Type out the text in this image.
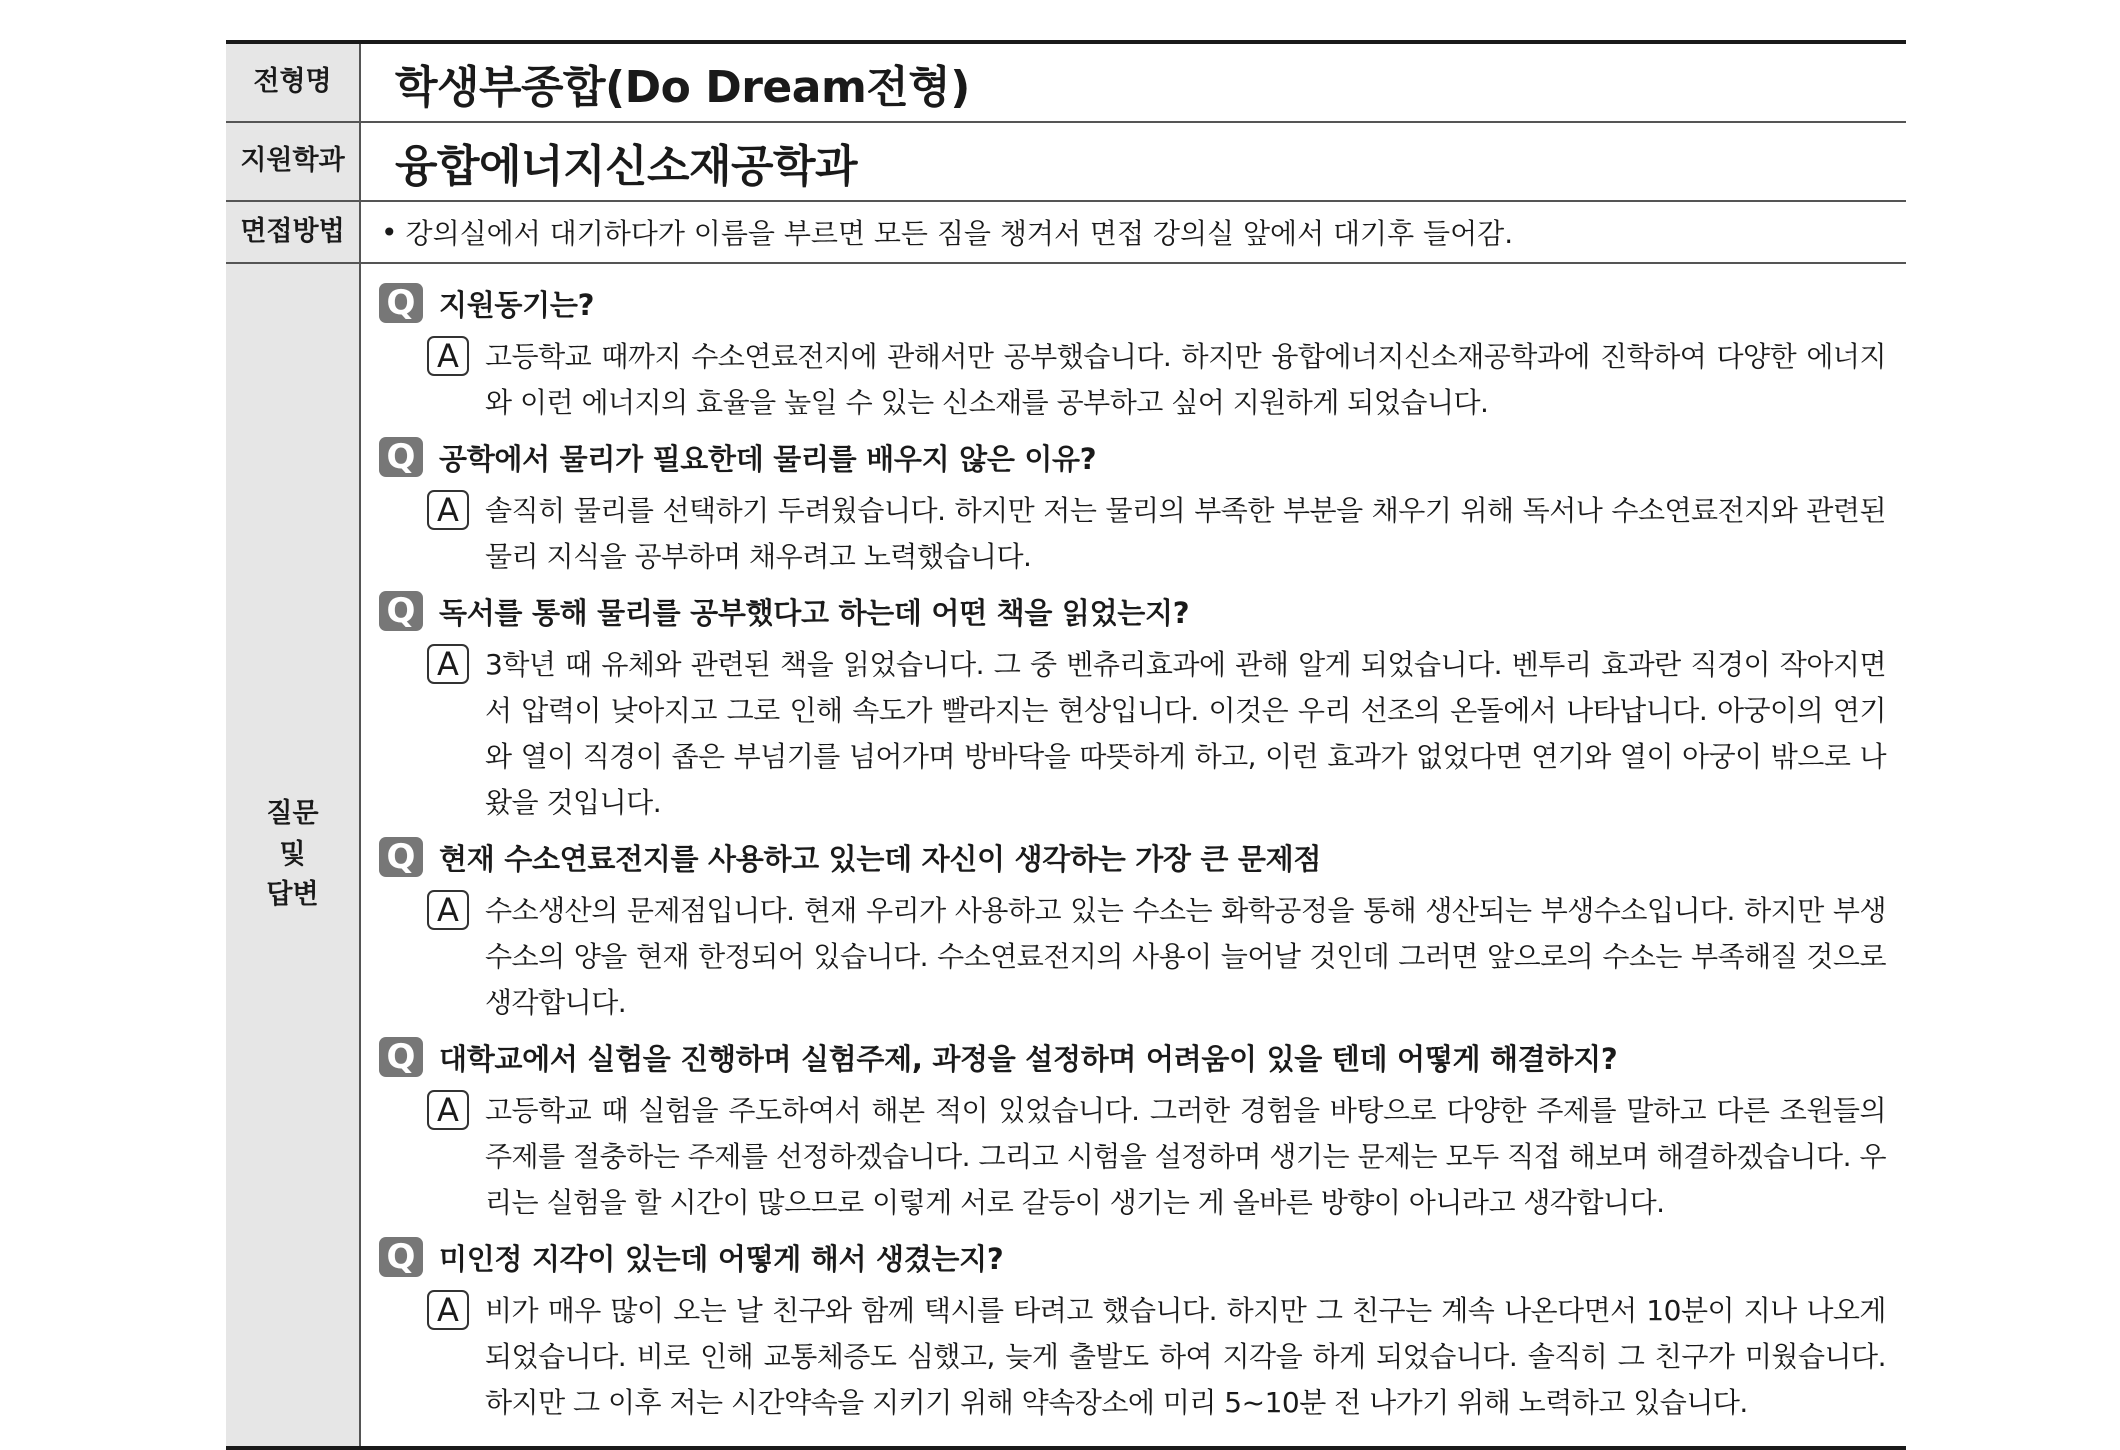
전형명	학생부종합(Do Dream전형)
지원학과	융합에너지신소재공학과
면접방법	• 강의실에서 대기하다가 이름을 부르면 모든 짐을 챙겨서 면접 강의실 앞에서 대기후 들어감.
질문
및
답변
Q 지원동기는?
A 고등학교 때까지 수소연료전지에 관해서만 공부했습니다. 하지만 융합에너지신소재공학과에 진학하여 다양한 에너지와 이런 에너지의 효율을 높일 수 있는 신소재를 공부하고 싶어 지원하게 되었습니다.
Q 공학에서 물리가 필요한데 물리를 배우지 않은 이유?
A 솔직히 물리를 선택하기 두려웠습니다. 하지만 저는 물리의 부족한 부분을 채우기 위해 독서나 수소연료전지와 관련된 물리 지식을 공부하며 채우려고 노력했습니다.
Q 독서를 통해 물리를 공부했다고 하는데 어떤 책을 읽었는지?
A 3학년 때 유체와 관련된 책을 읽었습니다. 그 중 벤츄리효과에 관해 알게 되었습니다. 벤투리 효과란 직경이 작아지면서 압력이 낮아지고 그로 인해 속도가 빨라지는 현상입니다. 이것은 우리 선조의 온돌에서 나타납니다. 아궁이의 연기와 열이 직경이 좁은 부넘기를 넘어가며 방바닥을 따뜻하게 하고, 이런 효과가 없었다면 연기와 열이 아궁이 밖으로 나왔을 것입니다.
Q 현재 수소연료전지를 사용하고 있는데 자신이 생각하는 가장 큰 문제점
A 수소생산의 문제점입니다. 현재 우리가 사용하고 있는 수소는 화학공정을 통해 생산되는 부생수소입니다. 하지만 부생수소의 양을 현재 한정되어 있습니다. 수소연료전지의 사용이 늘어날 것인데 그러면 앞으로의 수소는 부족해질 것으로 생각합니다.
Q 대학교에서 실험을 진행하며 실험주제, 과정을 설정하며 어려움이 있을 텐데 어떻게 해결하지?
A 고등학교 때 실험을 주도하여서 해본 적이 있었습니다. 그러한 경험을 바탕으로 다양한 주제를 말하고 다른 조원들의 주제를 절충하는 주제를 선정하겠습니다. 그리고 시험을 설정하며 생기는 문제는 모두 직접 해보며 해결하겠습니다. 우리는 실험을 할 시간이 많으므로 이렇게 서로 갈등이 생기는 게 올바른 방향이 아니라고 생각합니다.
Q 미인정 지각이 있는데 어떻게 해서 생겼는지?
A 비가 매우 많이 오는 날 친구와 함께 택시를 타려고 했습니다. 하지만 그 친구는 계속 나온다면서 10분이 지나 나오게 되었습니다. 비로 인해 교통체증도 심했고, 늦게 출발도 하여 지각을 하게 되었습니다. 솔직히 그 친구가 미웠습니다. 하지만 그 이후 저는 시간약속을 지키기 위해 약속장소에 미리 5~10분 전 나가기 위해 노력하고 있습니다.
